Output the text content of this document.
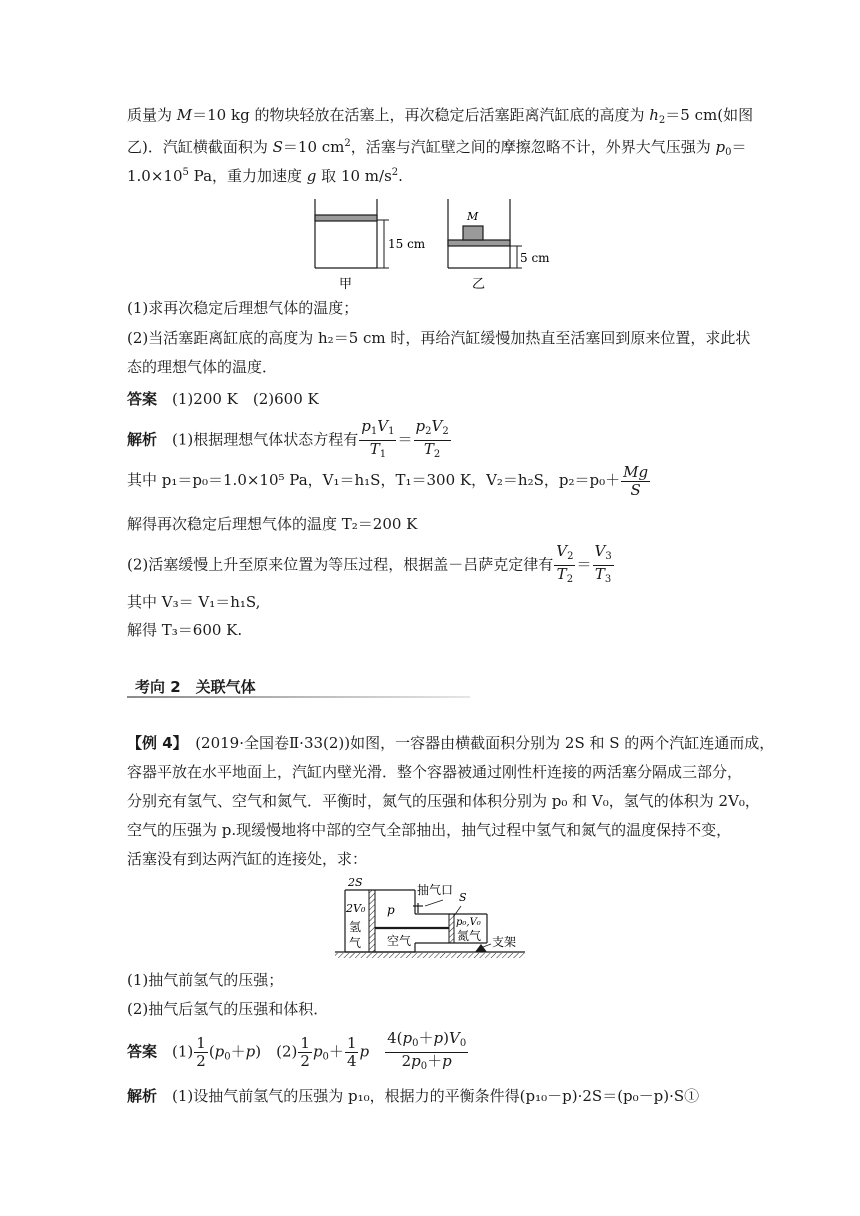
质量为 M＝10 kg 的物块轻放在活塞上，再次稳定后活塞距离汽缸底的高度为 $h_2=5$ cm(如图
乙)．汽缸横截面积为 S＝10 $cm^2$，活塞与汽缸壁之间的摩擦忽略不计，外界大气压强为 $p_0=$
$1.0\times 10^5$ Pa，重力加速度 g 取 10 $m/s^2$.
15 cm
甲
M
5 cm
乙
(1)求再次稳定后理想气体的温度；
(2)当活塞距离缸底的高度为 h₂＝5 cm 时，再给汽缸缓慢加热直至活塞回到原来位置，求此状
态的理想气体的温度．
答案　 (1)200 K　(2)600 K
解析　 (1)根据理想气体状态方程有 $\frac{p_1V_1}{T_1} = \frac{p_2V_2}{T_2}$
其中 p₁＝p₀＝1.0×10⁵ Pa，V₁＝h₁S，T₁＝300 K，V₂＝h₂S，$p_2=p_0+ \frac{Mg}{S}$
解得再次稳定后理想气体的温度 T₂＝200 K
(2)活塞缓慢上升至原来位置为等压过程，根据盖－吕萨克定律有 $\frac{V_2}{T_2} = \frac{V_3}{T_3}$
其中 V₃＝ V₁＝h₁S,
解得 T₃＝600 K.
考向 2　关联气体
【例 4】　 (2019·全国卷Ⅱ·33(2))如图，一容器由横截面积分别为 2S 和 S 的两个汽缸连通而成，
容器平放在水平地面上，汽缸内壁光滑．整个容器被通过刚性杆连接的两活塞分隔成三部分，
分别充有氢气、空气和氮气．平衡时，氮气的压强和体积分别为 p₀ 和 V₀，氢气的体积为 2V₀，
空气的压强为 p.现缓慢地将中部的空气全部抽出，抽气过程中氢气和氮气的温度保持不变，
活塞没有到达两汽缸的连接处，求：
2S
2V₀
氢
气
p
抽气口
S
p₀,V₀
氮气
空气	支架
(1)抽气前氢气的压强；
(2)抽气后氢气的压强和体积．
答案　$(1) \frac{1}{2} (p_0+p)$　$(2) \frac{1}{2} p_0+ \frac{1}{4}$ p　 $\frac{4(p_0+p)V_0}{2p_0+p}$
解析　 (1)设抽气前氢气的压强为 p₁₀，根据力的平衡条件得(p₁₀－p)·2S＝(p₀－p)·S①
